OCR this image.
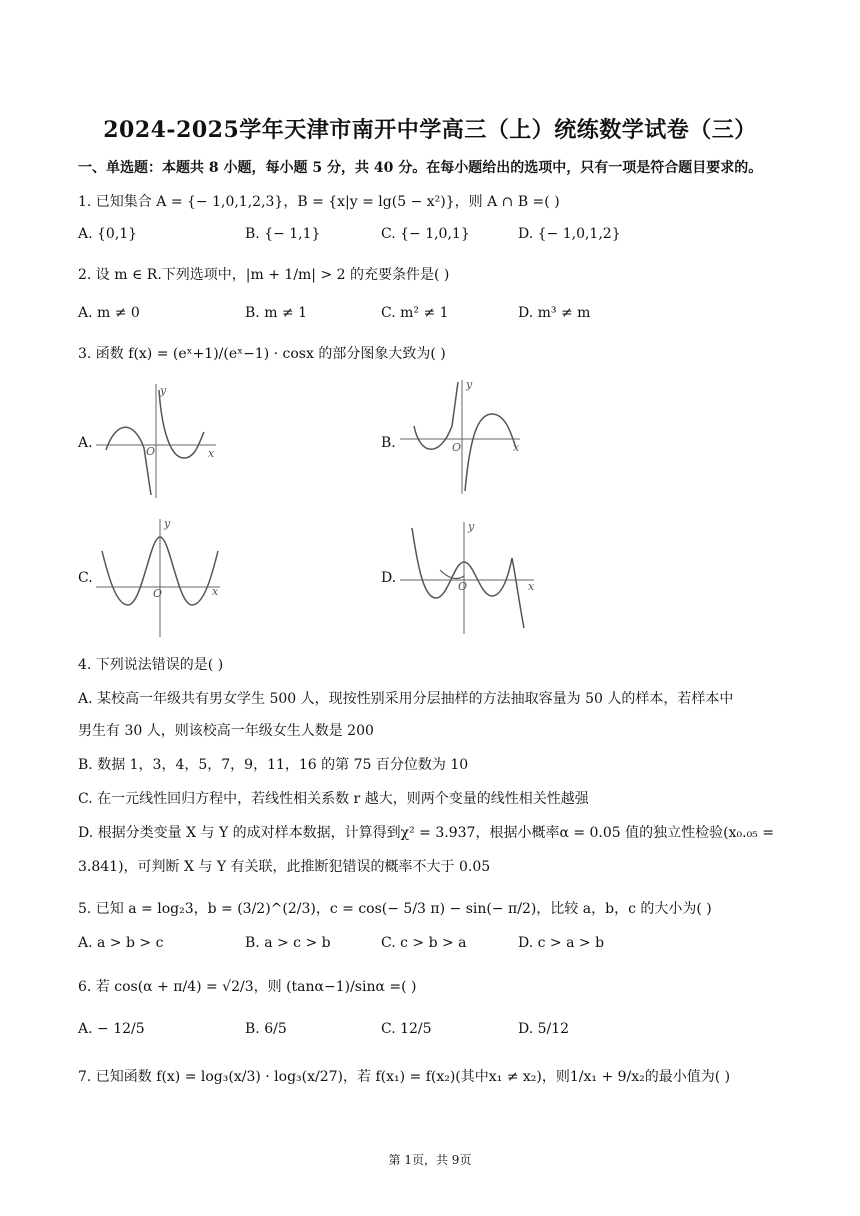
2024-2025学年天津市南开中学高三（上）统练数学试卷（三）
一、单选题：本题共 8 小题，每小题 5 分，共 40 分。在每小题给出的选项中，只有一项是符合题目要求的。
1. 已知集合 A = {− 1,0,1,2,3}，B = {x|y = lg(5 − x²)}，则 A ∩ B =( )
A. {0,1}	B. {− 1,1}	C. {− 1,0,1}	D. {− 1,0,1,2}
2. 设 m ∈ R.下列选项中，|m + 1/m| > 2 的充要条件是( )
A. m ≠ 0	B. m ≠ 1	C. m² ≠ 1	D. m³ ≠ m
3. 函数 f(x) = (eˣ+1)/(eˣ−1) · cosx 的部分图象大致为( )
A.
y
x
O
B.
y
x
O
C.
y
x
O
D.
y
x
O
4. 下列说法错误的是( )
A. 某校高一年级共有男女学生 500 人，现按性别采用分层抽样的方法抽取容量为 50 人的样本，若样本中
男生有 30 人，则该校高一年级女生人数是 200
B. 数据 1，3，4，5，7，9，11，16 的第 75 百分位数为 10
C. 在一元线性回归方程中，若线性相关系数 r 越大，则两个变量的线性相关性越强
D. 根据分类变量 X 与 Y 的成对样本数据，计算得到χ² = 3.937，根据小概率α = 0.05 值的独立性检验(x₀.₀₅ =
3.841)，可判断 X 与 Y 有关联，此推断犯错误的概率不大于 0.05
5. 已知 a = log₂3，b = (3/2)^(2/3)，c = cos(− 5/3 π) − sin(− π/2)，比较 a，b，c 的大小为( )
A. a > b > c	B. a > c > b	C. c > b > a	D. c > a > b
6. 若 cos(α + π/4) = √2/3，则 (tanα−1)/sinα =( )
A. − 12/5	B. 6/5	C. 12/5	D. 5/12
7. 已知函数 f(x) = log₃(x/3) · log₃(x/27)，若 f(x₁) = f(x₂)(其中x₁ ≠ x₂)，则1/x₁ + 9/x₂的最小值为( )
第 1页，共 9页
